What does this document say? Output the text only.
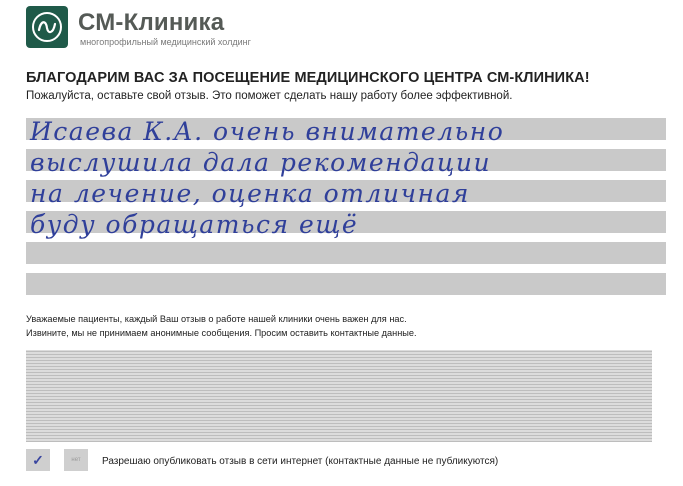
СМ-Клиника
многопрофильный медицинский холдинг
БЛАГОДАРИМ ВАС ЗА ПОСЕЩЕНИЕ МЕДИЦИНСКОГО ЦЕНТРА СМ-КЛИНИКА!
Пожалуйста, оставьте свой отзыв. Это поможет сделать нашу работу более эффективной.
Исаева К.А. очень внимательно
выслушила дала рекомендации
на лечение, оценка отличная
буду обращаться ещё
Уважаемые пациенты, каждый Ваш отзыв о работе нашей клиники очень важен для нас.
Извините, мы не принимаем анонимные сообщения. Просим оставить контактные данные.
✓	нет Разрешаю опубликовать отзыв в сети интернет (контактные данные не публикуются)
